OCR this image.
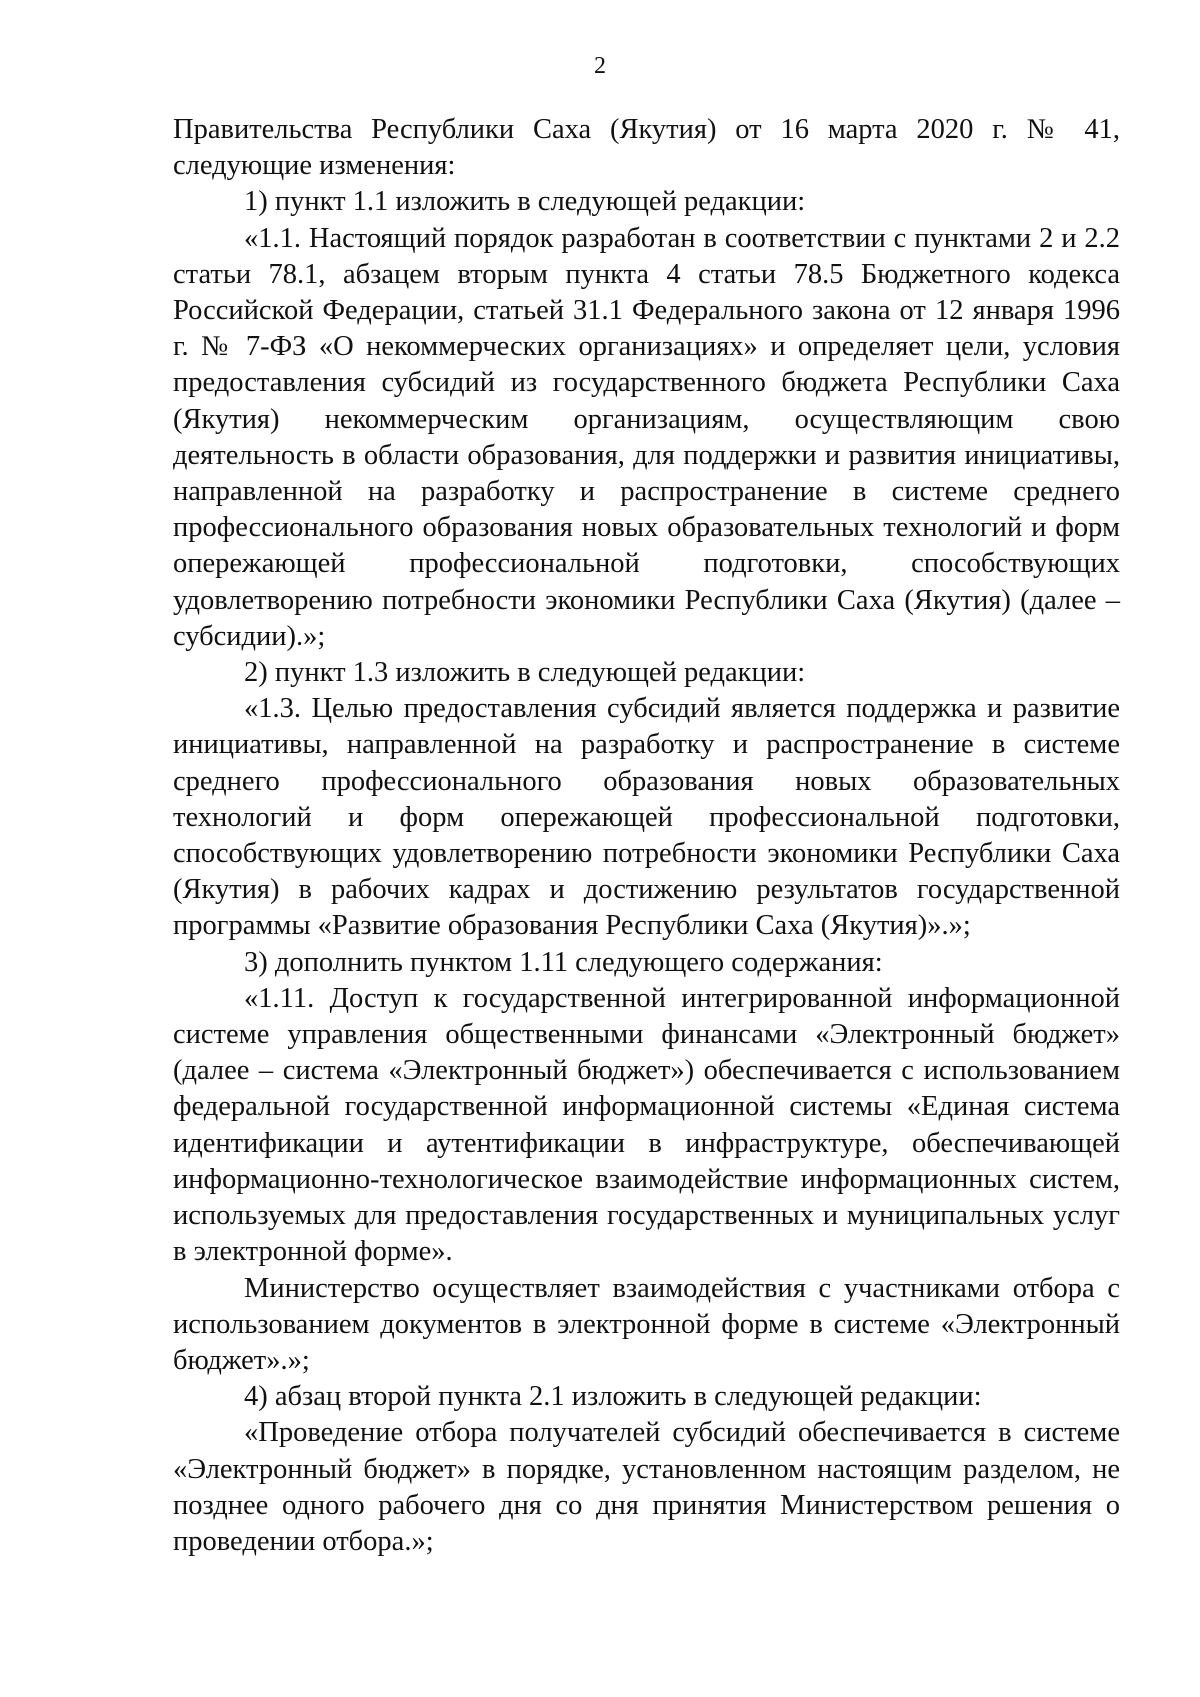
2

Правительства Республики Саха (Якутия) от 16 марта 2020 г. № 41, следующие изменения:

1) пункт 1.1 изложить в следующей редакции:

«1.1. Настоящий порядок разработан в соответствии с пунктами 2 и 2.2 статьи 78.1, абзацем вторым пункта 4 статьи 78.5 Бюджетного кодекса Российской Федерации, статьей 31.1 Федерального закона от 12 января 1996 г. № 7-ФЗ «О некоммерческих организациях» и определяет цели, условия предоставления субсидий из государственного бюджета Республики Саха (Якутия) некоммерческим организациям, осуществляющим свою деятельность в области образования, для поддержки и развития инициативы, направленной на разработку и распространение в системе среднего профессионального образования новых образовательных технологий и форм опережающей профессиональной подготовки, способствующих удовлетворению потребности экономики Республики Саха (Якутия) (далее – субсидии).»;

2) пункт 1.3 изложить в следующей редакции:

«1.3. Целью предоставления субсидий является поддержка и развитие инициативы, направленной на разработку и распространение в системе среднего профессионального образования новых образовательных технологий и форм опережающей профессиональной подготовки, способствующих удовлетворению потребности экономики Республики Саха (Якутия) в рабочих кадрах и достижению результатов государственной программы «Развитие образования Республики Саха (Якутия)».»;

3) дополнить пунктом 1.11 следующего содержания:

«1.11. Доступ к государственной интегрированной информационной системе управления общественными финансами «Электронный бюджет» (далее – система «Электронный бюджет») обеспечивается с использованием федеральной государственной информационной системы «Единая система идентификации и аутентификации в инфраструктуре, обеспечивающей информационно-технологическое взаимодействие информационных систем, используемых для предоставления государственных и муниципальных услуг в электронной форме».

Министерство осуществляет взаимодействия с участниками отбора с использованием документов в электронной форме в системе «Электронный бюджет».»;

4) абзац второй пункта 2.1 изложить в следующей редакции:

«Проведение отбора получателей субсидий обеспечивается в системе «Электронный бюджет» в порядке, установленном настоящим разделом, не позднее одного рабочего дня со дня принятия Министерством решения о проведении отбора.»;
